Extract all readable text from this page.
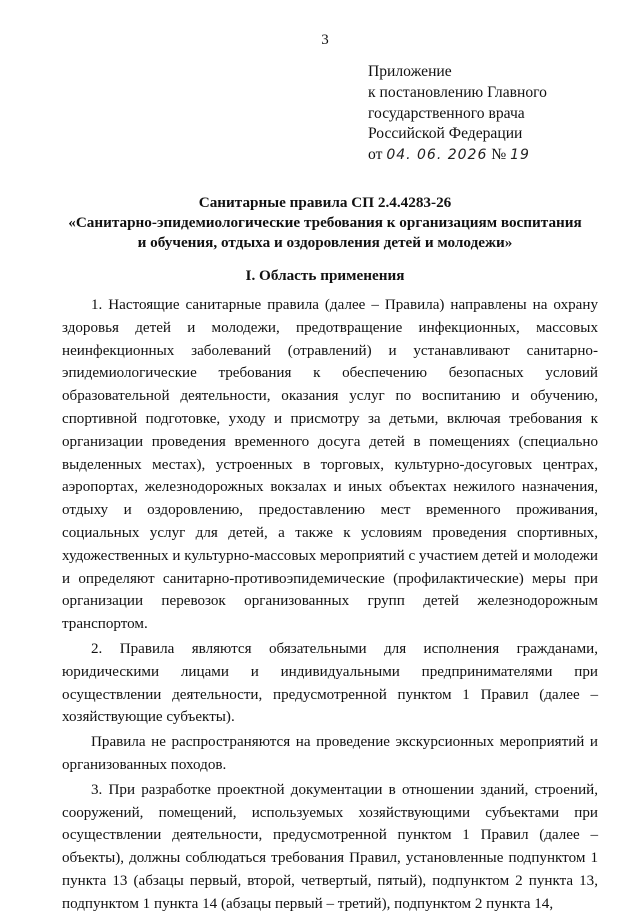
3
Приложение
к постановлению Главного
государственного врача
Российской Федерации
от 04. 06. 2026 № 19
Санитарные правила СП 2.4.4283-26
«Санитарно-эпидемиологические требования к организациям воспитания
и обучения, отдыха и оздоровления детей и молодежи»
I. Область применения

1. Настоящие санитарные правила (далее – Правила) направлены на охрану здоровья детей и молодежи, предотвращение инфекционных, массовых неинфекционных заболеваний (отравлений) и устанавливают санитарно-эпидемиологические требования к обеспечению безопасных условий образовательной деятельности, оказания услуг по воспитанию и обучению, спортивной подготовке, уходу и присмотру за детьми, включая требования к организации проведения временного досуга детей в помещениях (специально выделенных местах), устроенных в торговых, культурно-досуговых центрах, аэропортах, железнодорожных вокзалах и иных объектах нежилого назначения, отдыху и оздоровлению, предоставлению мест временного проживания, социальных услуг для детей, а также к условиям проведения спортивных, художественных и культурно-массовых мероприятий с участием детей и молодежи и определяют санитарно-противоэпидемические (профилактические) меры при организации перевозок организованных групп детей железнодорожным транспортом.

2. Правила являются обязательными для исполнения гражданами, юридическими лицами и индивидуальными предпринимателями при осуществлении деятельности, предусмотренной пунктом 1 Правил (далее – хозяйствующие субъекты).

Правила не распространяются на проведение экскурсионных мероприятий и организованных походов.

3. При разработке проектной документации в отношении зданий, строений, сооружений, помещений, используемых хозяйствующими субъектами при осуществлении деятельности, предусмотренной пунктом 1 Правил (далее – объекты), должны соблюдаться требования Правил, установленные подпунктом 1 пункта 13 (абзацы первый, второй, четвертый, пятый), подпунктом 2 пункта 13, подпунктом 1 пункта 14 (абзацы первый – третий), подпунктом 2 пункта 14,
